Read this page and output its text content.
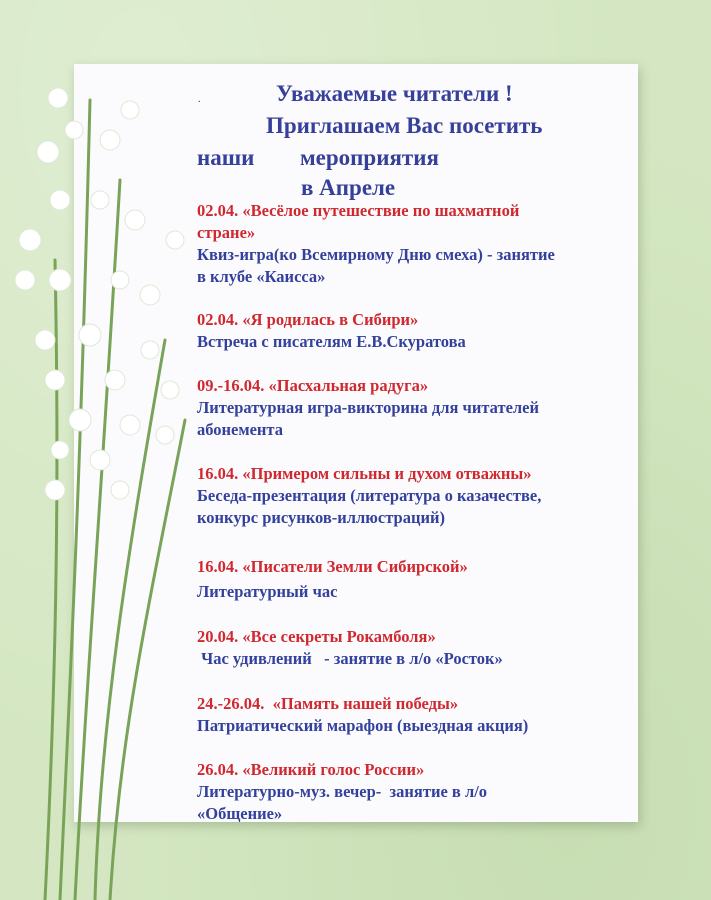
.	Уважаемые читатели !
Приглашаем Вас посетить
наши мероприятия
в Апреле
02.04. «Весёлое путешествие по шахматной
стране»
Квиз-игра(ко Всемирному Дню смеха) - занятие
в клубе «Каисса»
02.04. «Я родилась в Сибири»
Встреча с писателям Е.В.Скуратова
09.-16.04. «Пасхальная радуга»
Литературная игра-викторина для читателей
абонемента
16.04. «Примером сильны и духом отважны»
Беседа-презентация (литература о казачестве,
конкурс рисунков-иллюстраций)
16.04. «Писатели Земли Сибирской»
Литературный час
20.04. «Все секреты Рокамболя»
Час удивлений   - занятие в л/о «Росток»
24.-26.04.  «Память нашей победы»
Патриатический марафон (выездная акция)
26.04. «Великий голос России»
Литературно-муз. вечер-  занятие в л/о
«Общение»
